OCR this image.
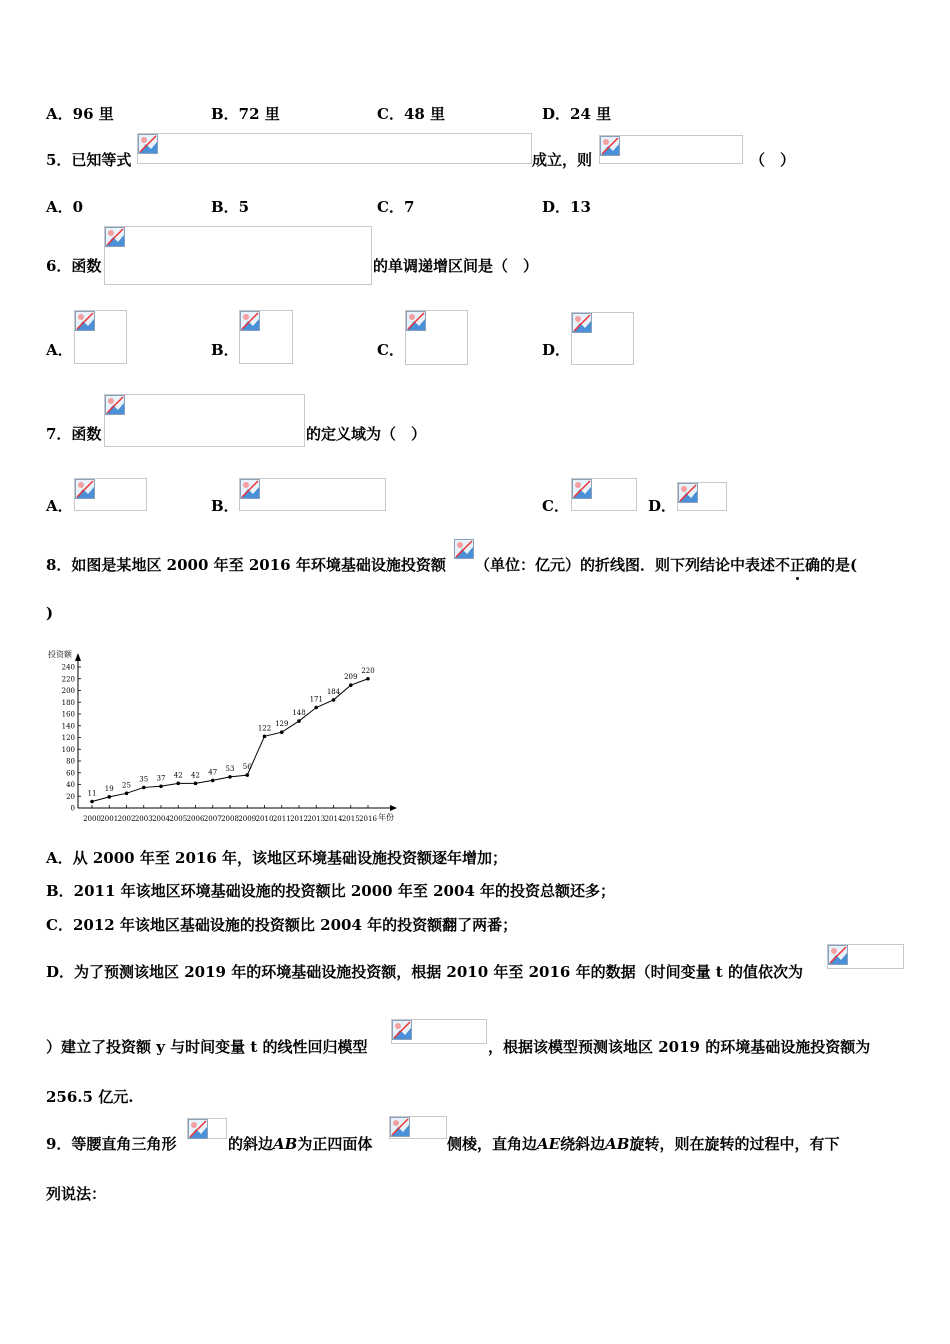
A．96 里	B．72 里	C．48 里	D．24 里
5．已知等式	成立，则	（　）
A．0	B．5	C．7	D．13
6．函数	的单调递增区间是（　）
A．	B．	C．	D．
7．函数	的定义域为（　）
A．	B．	C．	D．
8．如图是某地区 2000 年至 2016 年环境基础设施投资额 （单位：亿元）的折线图．则下列结论中表述不正确的是(
)
投资额
年份
0
20
40
60
80
100
120
140
160
180
200
220
240
2000 2001 2002 2003 2004 2005 2006 2007 2008 2009 2010 2011 2012 2013 2014 2015 2016
11
19 25
35 37 42 42 47 53 56
122
129
148
171
184
209
220
A．从 2000 年至 2016 年，该地区环境基础设施投资额逐年增加；
B．2011 年该地区环境基础设施的投资额比 2000 年至 2004 年的投资总额还多；
C．2012 年该地区基础设施的投资额比 2004 年的投资额翻了两番；
D．为了预测该地区 2019 年的环境基础设施投资额，根据 2010 年至 2016 年的数据（时间变量 t 的值依次为
）建立了投资额 y 与时间变量 t 的线性回归模型	，根据该模型预测该地区 2019 的环境基础设施投资额为
256.5 亿元.
9．等腰直角三角形	的斜边AB为正四面体	侧棱，直角边AE绕斜边AB旋转，则在旋转的过程中，有下
列说法：
